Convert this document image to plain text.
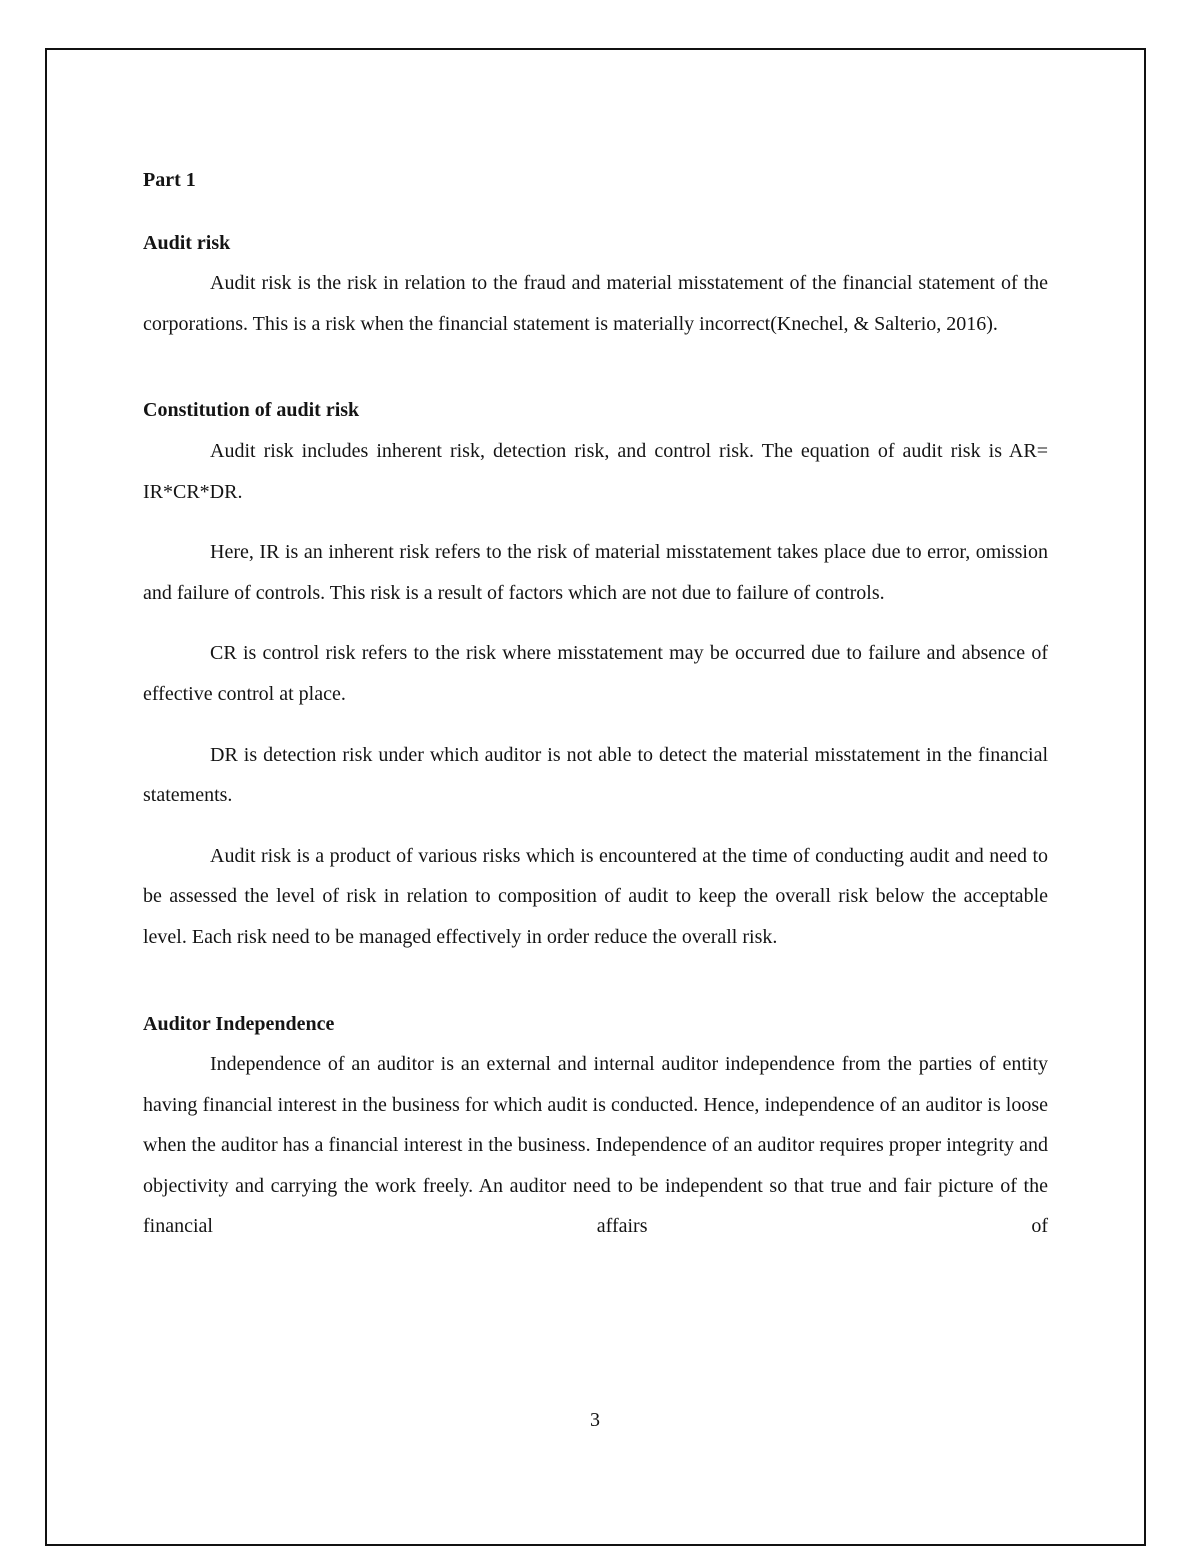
Part 1
Audit risk

Audit risk is the risk in relation to the fraud and material misstatement of the financial statement of the corporations. This is a risk when the financial statement is materially incorrect(Knechel, & Salterio, 2016).

Constitution of audit risk

Audit risk includes inherent risk, detection risk, and control risk. The equation of audit risk is AR= IR*CR*DR.

Here, IR is an inherent risk refers to the risk of material misstatement takes place due to error, omission and failure of controls. This risk is a result of factors which are not due to failure of controls.

CR is control risk refers to the risk where misstatement may be occurred due to failure and absence of effective control at place.

DR is detection risk under which auditor is not able to detect the material misstatement in the financial statements.

Audit risk is a product of various risks which is encountered at the time of conducting audit and need to be assessed the level of risk in relation to composition of audit to keep the overall risk below the acceptable level. Each risk need to be managed effectively in order reduce the overall risk.

Auditor Independence

Independence of an auditor is an external and internal auditor independence from the parties of entity having financial interest in the business for which audit is conducted. Hence, independence of an auditor is loose when the auditor has a financial interest in the business. Independence of an auditor requires proper integrity and objectivity and carrying the work freely. An auditor need to be independent so that true and fair picture of the financial affairs of

3
